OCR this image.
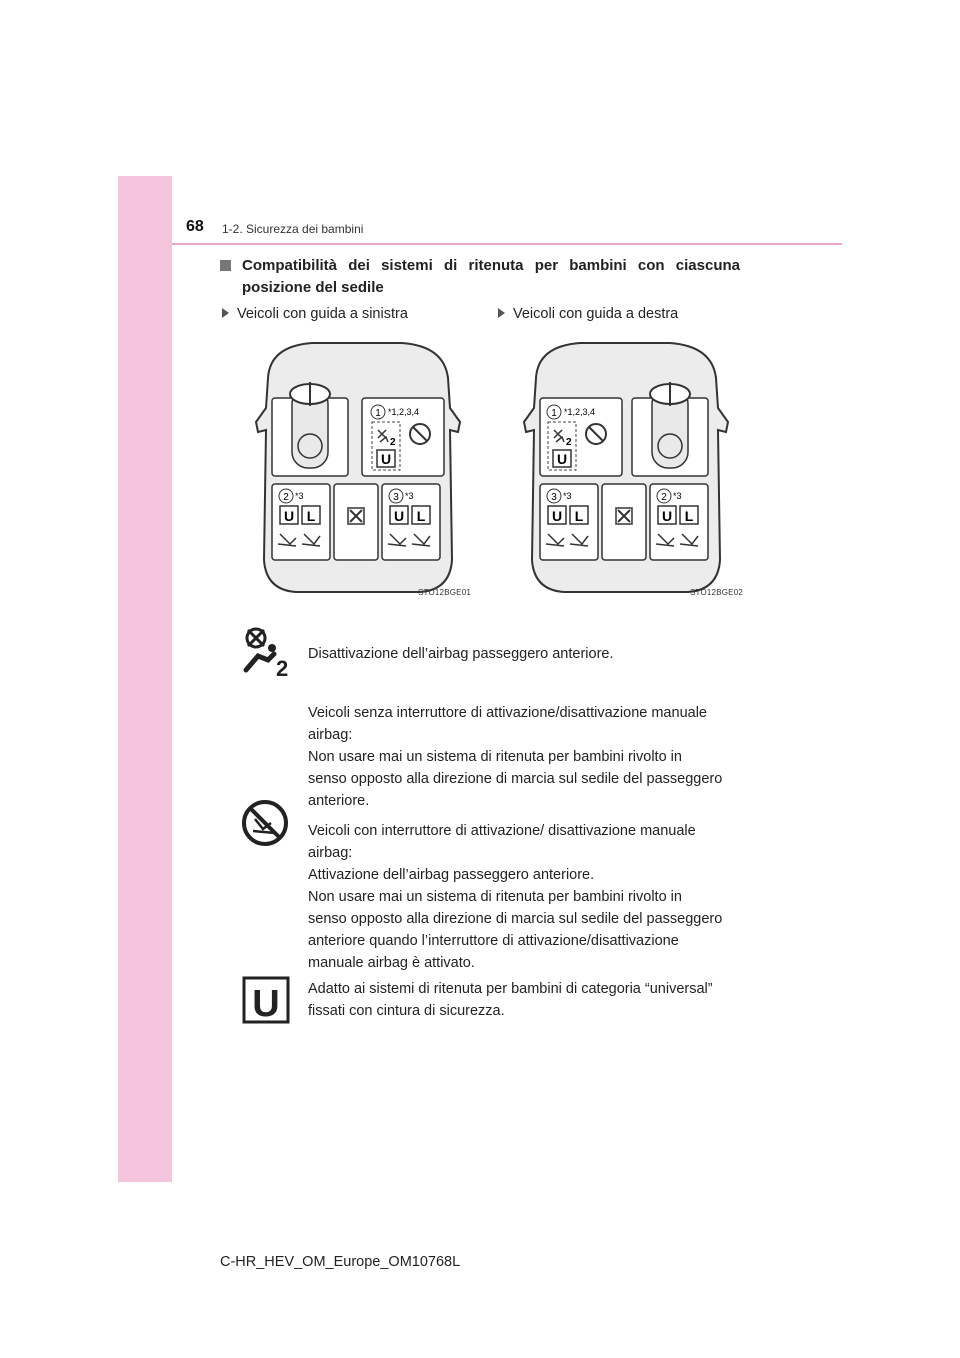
68 1-2. Sicurezza dei bambini
Compatibilità dei sistemi di ritenuta per bambini con ciascuna
posizione del sedile
Veicoli con guida a sinistra	Veicoli con guida a destra
1 *1,2,3,4
2
U
2 *3
U L
3 *3
U L
STO12BGE01
1 *1,2,3,4
2
U
3 *3
U L
2 *3
U L
STO12BGE02
2
Disattivazione dell’airbag passeggero anteriore.
Veicoli senza interruttore di attivazione/disattivazione manuale
airbag:
Non usare mai un sistema di ritenuta per bambini rivolto in
senso opposto alla direzione di marcia sul sedile del passeggero
anteriore.
Veicoli con interruttore di attivazione/ disattivazione manuale
airbag:
Attivazione dell’airbag passeggero anteriore.
Non usare mai un sistema di ritenuta per bambini rivolto in
senso opposto alla direzione di marcia sul sedile del passeggero
anteriore quando l’interruttore di attivazione/disattivazione
manuale airbag è attivato.
U Adatto ai sistemi di ritenuta per bambini di categoria “universal”
fissati con cintura di sicurezza.
C-HR_HEV_OM_Europe_OM10768L
